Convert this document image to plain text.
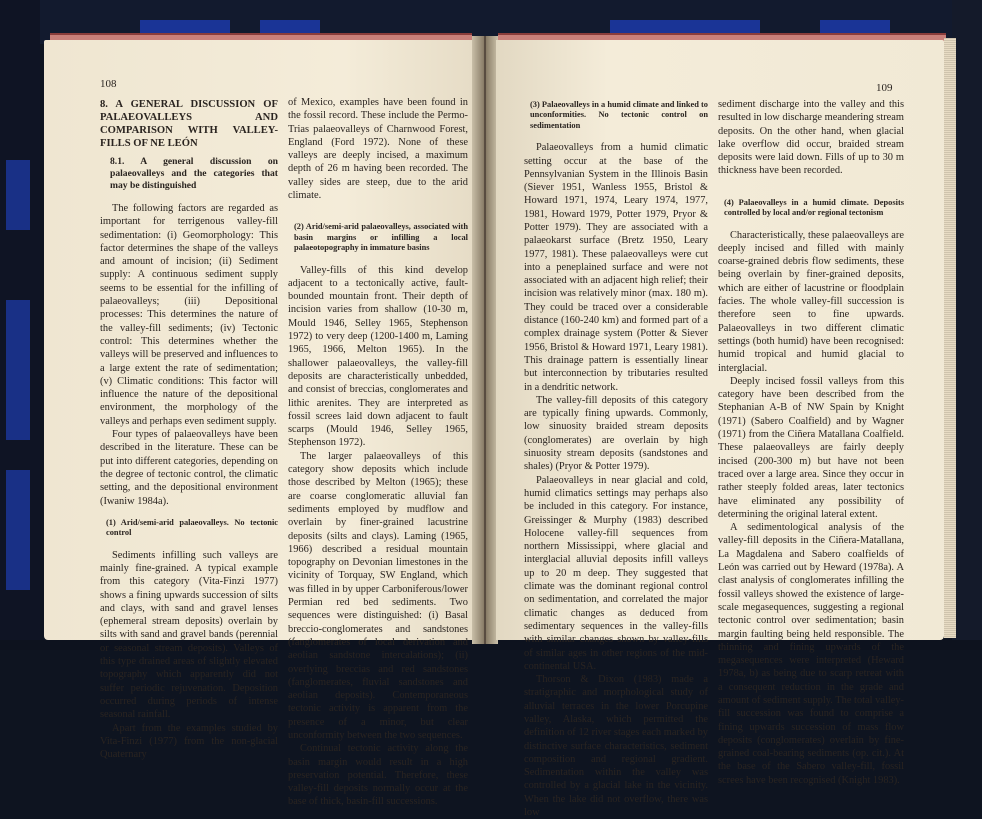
108
8. A GENERAL DISCUSSION OF PALAEOVALLEYS AND COMPARISON WITH VALLEY-FILLS OF NE LEÓN
8.1. A general discussion on palaeovalleys and the categories that may be distinguished

The following factors are regarded as important for terrigenous valley-fill sedimentation: (i) Geomorphology: This factor determines the shape of the valleys and amount of incision; (ii) Sediment supply: A continuous sediment supply seems to be essential for the infilling of palaeovalleys; (iii) Depositional processes: This determines the nature of the valley-fill sediments; (iv) Tectonic control: This determines whether the valleys will be preserved and influences to a large extent the rate of sedimentation; (v) Climatic conditions: This factor will influence the nature of the depositional environment, the morphology of the valleys and perhaps even sediment supply.

Four types of palaeovalleys have been described in the literature. These can be put into different categories, depending on the degree of tectonic control, the climatic setting, and the depositional environment (Iwaniw 1984a).

(1) Arid/semi-arid palaeovalleys. No tectonic control

Sediments infilling such valleys are mainly fine-grained. A typical example from this category (Vita-Finzi 1977) shows a fining upwards succession of silts and clays, with sand and gravel lenses (ephemeral stream deposits) overlain by silts with sand and gravel bands (perennial or seasonal stream deposits). Valleys of this type drained areas of slightly elevated topography which apparently did not suffer periodic rejuvenation. Deposition occurred during periods of intense seasonal rainfall.

Apart from the examples studied by Vita-Finzi (1977) from the non-glacial Quaternary

of Mexico, examples have been found in the fossil record. These include the Permo-Trias palaeovalleys of Charnwood Forest, England (Ford 1972). None of these valleys are deeply incised, a maximum depth of 26 m having been recorded. The valley sides are steep, due to the arid climate.

(2) Arid/semi-arid palaeovalleys, associated with basin margins or infilling a local palaeotopography in immature basins

Valley-fills of this kind develop adjacent to a tectonically active, fault-bounded mountain front. Their depth of incision varies from shallow (10-30 m, Mould 1946, Selley 1965, Stephenson 1972) to very deep (1200-1400 m, Laming 1965, 1966, Melton 1965). In the shallower palaeovalleys, the valley-fill deposits are characteristically unbedded, and consist of breccias, conglomerates and lithic arenites. They are interpreted as fossil screes laid down adjacent to fault scarps (Mould 1946, Selley 1965, Stephenson 1972).

The larger palaeovalleys of this category show deposits which include those described by Melton (1965); these are coarse conglomeratic alluvial fan sediments employed by mudflow and overlain by finer-grained lacustrine deposits (silts and clays). Laming (1965, 1966) described a residual mountain topography on Devonian limestones in the vicinity of Torquay, SW England, which was filled in by upper Carboniferous/lower Permian red bed sediments. Two sequences were distinguished: (i) Basal breccio-conglomerates and sandstones (fanglomerates of local derivation and aeolian sandstone intercalations); (ii) overlying breccias and red sandstones (fanglomerates, fluvial sandstones and aeolian deposits). Contemporaneous tectonic activity is apparent from the presence of a minor, but clear unconformity between the two sequences.

Continual tectonic activity along the basin margin would result in a high preservation potential. Therefore, these valley-fill deposits normally occur at the base of thick, basin-fill successions.

109
(3) Palaeovalleys in a humid climate and linked to unconformities. No tectonic control on sedimentation

Palaeovalleys from a humid climatic setting occur at the base of the Pennsylvanian System in the Illinois Basin (Siever 1951, Wanless 1955, Bristol & Howard 1971, 1974, Leary 1974, 1977, 1981, Howard 1979, Potter 1979, Pryor & Potter 1979). They are associated with a palaeokarst surface (Bretz 1950, Leary 1977, 1981). These palaeovalleys were cut into a peneplained surface and were not associated with an adjacent high relief; their incision was relatively minor (max. 180 m). They could be traced over a considerable distance (160-240 km) and formed part of a complex drainage system (Potter & Siever 1956, Bristol & Howard 1971, Leary 1981). This drainage pattern is essentially linear but interconnection by tributaries resulted in a dendritic network.

The valley-fill deposits of this category are typically fining upwards. Commonly, low sinuosity braided stream deposits (conglomerates) are overlain by high sinuosity stream deposits (sandstones and shales) (Pryor & Potter 1979).

Palaeovalleys in near glacial and cold, humid climatics settings may perhaps also be included in this category. For instance, Greissinger & Murphy (1983) described Holocene valley-fill sequences from northern Mississippi, where glacial and interglacial alluvial deposits infill valleys up to 20 m deep. They suggested that climate was the dominant regional control on sedimentation, and correlated the major climatic changes as deduced from sedimentary sequences in the valley-fills with similar changes shown by valley-fills of similar ages in other regions of the mid-continental USA.

Thorson & Dixon (1983) made a stratigraphic and morphological study of alluvial terraces in the lower Porcupine valley, Alaska, which permitted the definition of 12 river stages each marked by distinctive surface characteristics, sediment composition and regional gradient. Sedimentation within the valley was controlled by a glacial lake in the vicinity. When the lake did not overflow, there was low

sediment discharge into the valley and this resulted in low discharge meandering stream deposits. On the other hand, when glacial lake overflow did occur, braided stream deposits were laid down. Fills of up to 30 m thickness have been recorded.

(4) Palaeovalleys in a humid climate. Deposits controlled by local and/or regional tectonism

Characteristically, these palaeovalleys are deeply incised and filled with mainly coarse-grained debris flow sediments, these being overlain by finer-grained deposits, which are either of lacustrine or floodplain facies. The whole valley-fill succession is therefore seen to fine upwards. Palaeovalleys in two different climatic settings (both humid) have been recognised: humid tropical and humid glacial to interglacial.

Deeply incised fossil valleys from this category have been described from the Stephanian A-B of NW Spain by Knight (1971) (Sabero Coalfield) and by Wagner (1971) from the Ciñera Matallana Coalfield. These palaeovalleys are fairly deeply incised (200-300 m) but have not been traced over a large area. Since they occur in rather steeply folded areas, later tectonics have eliminated any possibility of determining the original lateral extent.

A sedimentological analysis of the valley-fill deposits in the Ciñera-Matallana, La Magdalena and Sabero coalfields of León was carried out by Heward (1978a). A clast analysis of conglomerates infilling the fossil valleys showed the existence of large-scale megasequences, suggesting a regional tectonic control over sedimentation; basin margin faulting being held responsible. The thinning and fining upwards of the megasequences were interpreted (Heward 1978a, b) as being due to scarp retreat with a consequent reduction in the grade and amount of sediment supply. The total valley-fill succession was found to comprise a fining upwards succession of mass flow deposits (conglomerates) overlain by fine-grained coal-bearing sediments (op. cit.). At the base of the Sabero valley-fill, fossil screes have been recognised (Knight 1983).
